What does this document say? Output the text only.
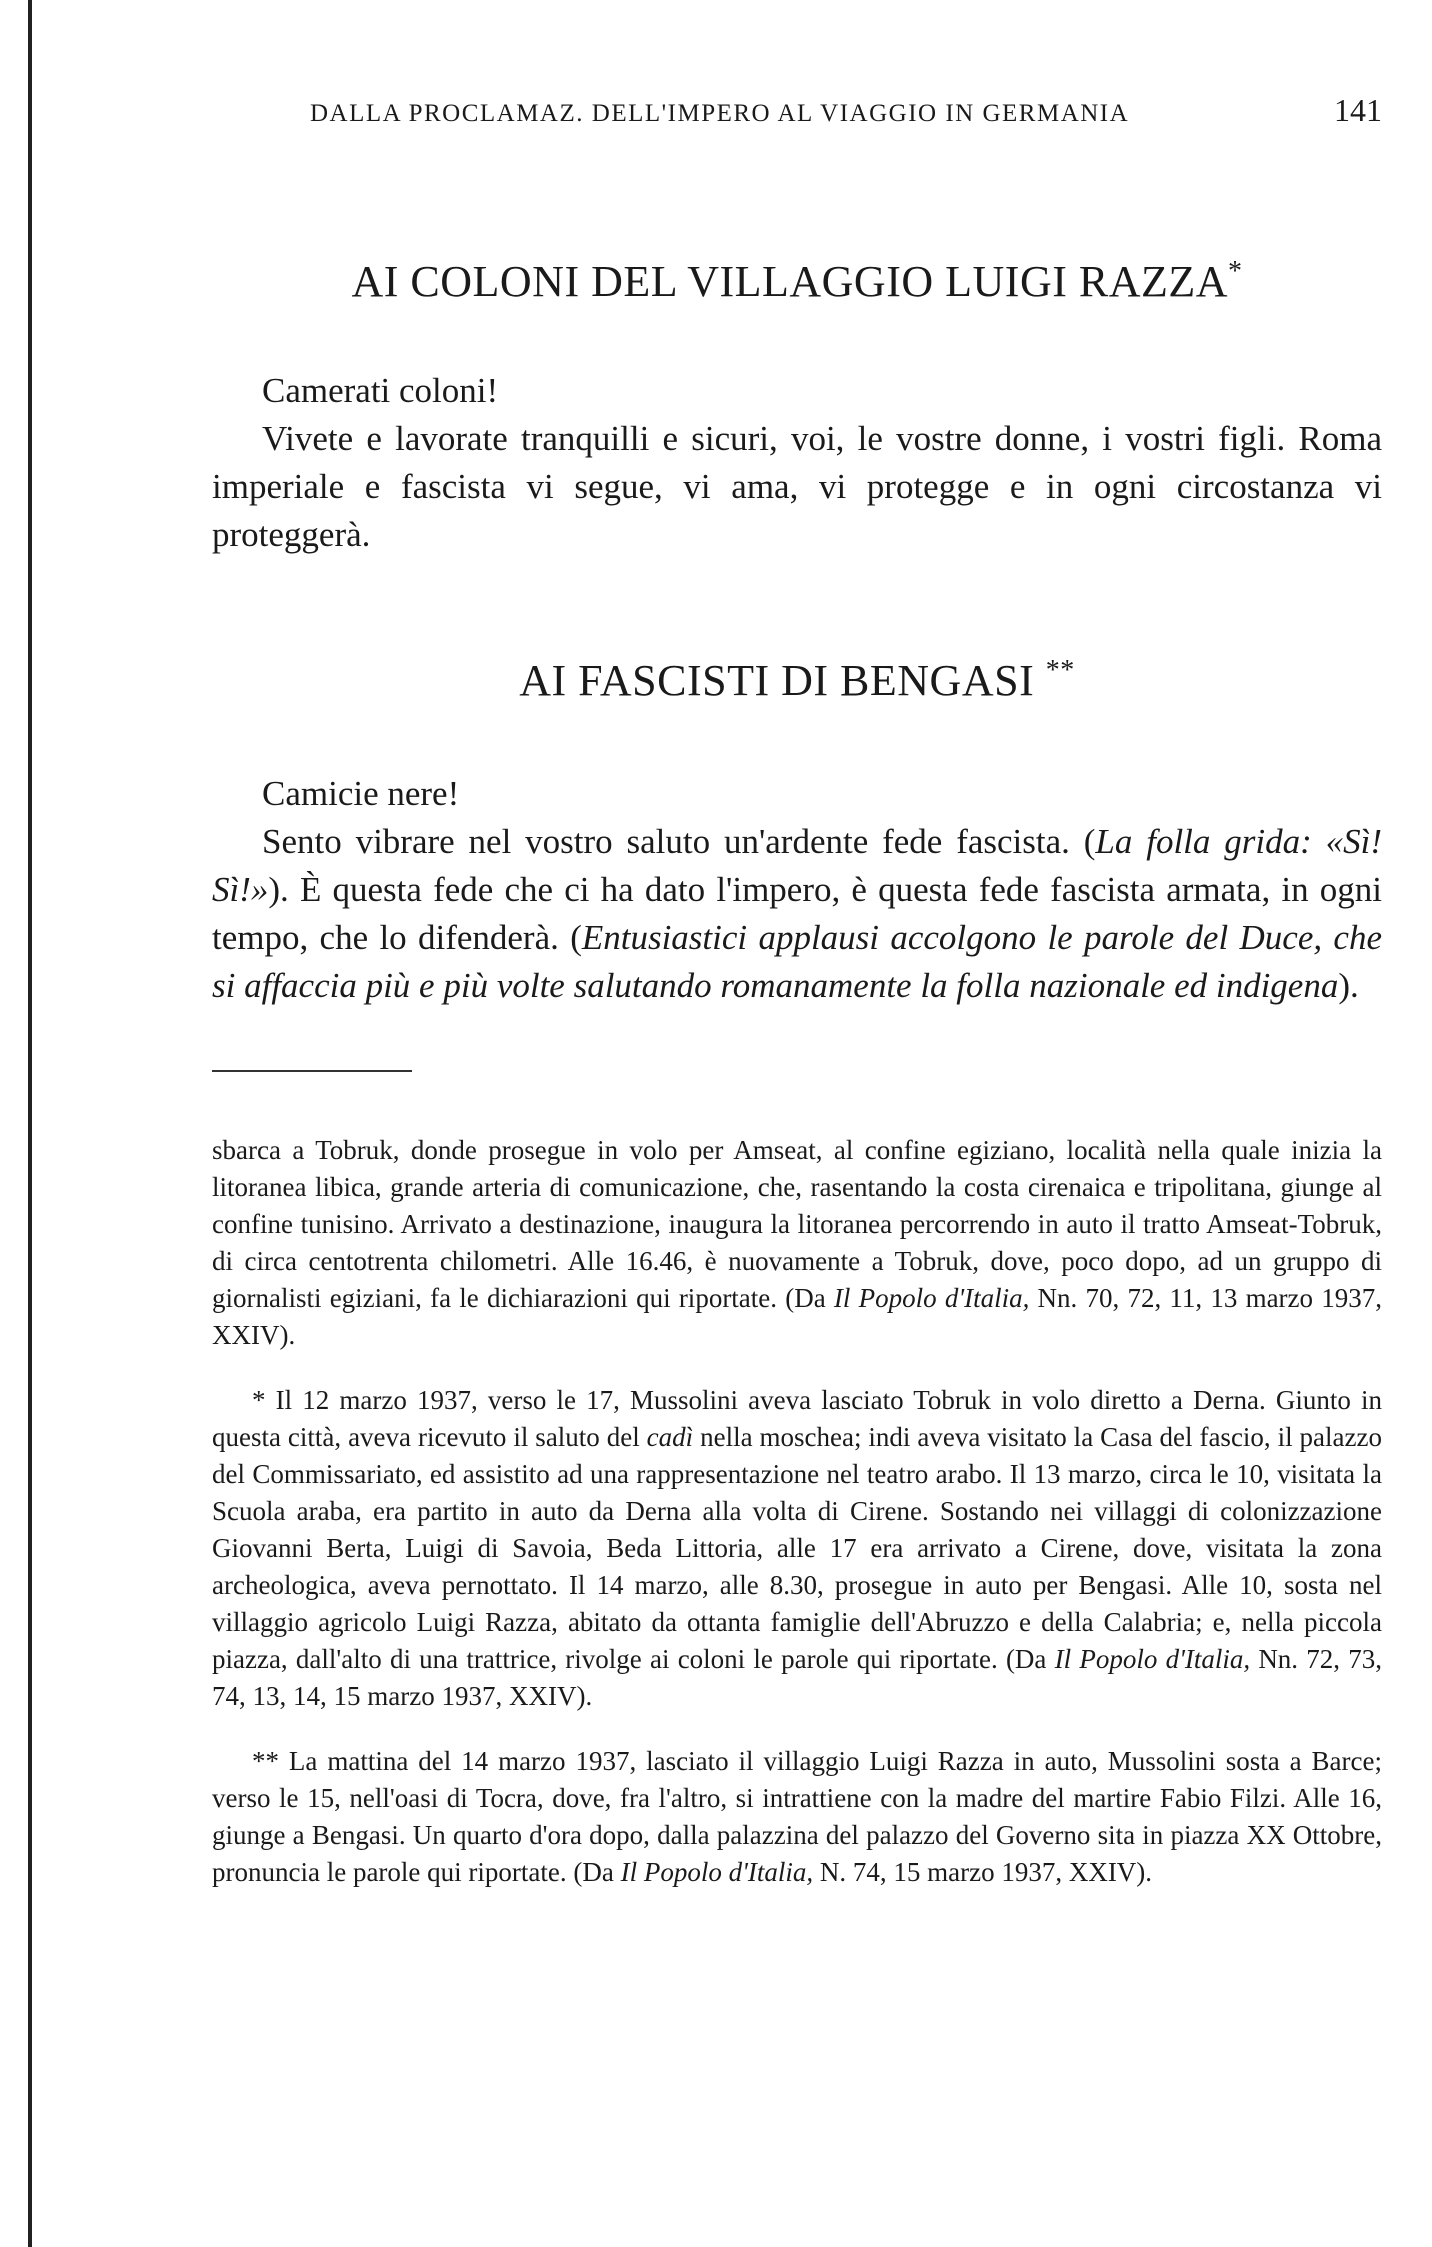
DALLA PROCLAMAZ. DELL'IMPERO AL VIAGGIO IN GERMANIA	141
AI COLONI DEL VILLAGGIO LUIGI RAZZA*

Camerati coloni!

Vivete e lavorate tranquilli e sicuri, voi, le vostre donne, i vostri figli. Roma imperiale e fascista vi segue, vi ama, vi protegge e in ogni circostanza vi proteggerà.

AI FASCISTI DI BENGASI **

Camicie nere!

Sento vibrare nel vostro saluto un'ardente fede fascista. (La folla grida: «Sì! Sì!»). È questa fede che ci ha dato l'impero, è questa fede fascista armata, in ogni tempo, che lo difenderà. (Entusiastici applausi accolgono le parole del Duce, che si affaccia più e più volte salutando romanamente la folla nazionale ed indigena).

sbarca a Tobruk, donde prosegue in volo per Amseat, al confine egiziano, località nella quale inizia la litoranea libica, grande arteria di comunicazione, che, rasentando la costa cirenaica e tripolitana, giunge al confine tunisino. Arrivato a destinazione, inaugura la litoranea percorrendo in auto il tratto Amseat-Tobruk, di circa centotrenta chilometri. Alle 16.46, è nuovamente a Tobruk, dove, poco dopo, ad un gruppo di giornalisti egiziani, fa le dichiarazioni qui riportate. (Da Il Popolo d'Italia, Nn. 70, 72, 11, 13 marzo 1937, XXIV).

* Il 12 marzo 1937, verso le 17, Mussolini aveva lasciato Tobruk in volo diretto a Derna. Giunto in questa città, aveva ricevuto il saluto del cadì nella moschea; indi aveva visitato la Casa del fascio, il palazzo del Commissariato, ed assistito ad una rappresentazione nel teatro arabo. Il 13 marzo, circa le 10, visitata la Scuola araba, era partito in auto da Derna alla volta di Cirene. Sostando nei villaggi di colonizzazione Giovanni Berta, Luigi di Savoia, Beda Littoria, alle 17 era arrivato a Cirene, dove, visitata la zona archeologica, aveva pernottato. Il 14 marzo, alle 8.30, prosegue in auto per Bengasi. Alle 10, sosta nel villaggio agricolo Luigi Razza, abitato da ottanta famiglie dell'Abruzzo e della Calabria; e, nella piccola piazza, dall'alto di una trattrice, rivolge ai coloni le parole qui riportate. (Da Il Popolo d'Italia, Nn. 72, 73, 74, 13, 14, 15 marzo 1937, XXIV).

** La mattina del 14 marzo 1937, lasciato il villaggio Luigi Razza in auto, Mussolini sosta a Barce; verso le 15, nell'oasi di Tocra, dove, fra l'altro, si intrattiene con la madre del martire Fabio Filzi. Alle 16, giunge a Bengasi. Un quarto d'ora dopo, dalla palazzina del palazzo del Governo sita in piazza XX Ottobre, pronuncia le parole qui riportate. (Da Il Popolo d'Italia, N. 74, 15 marzo 1937, XXIV).
